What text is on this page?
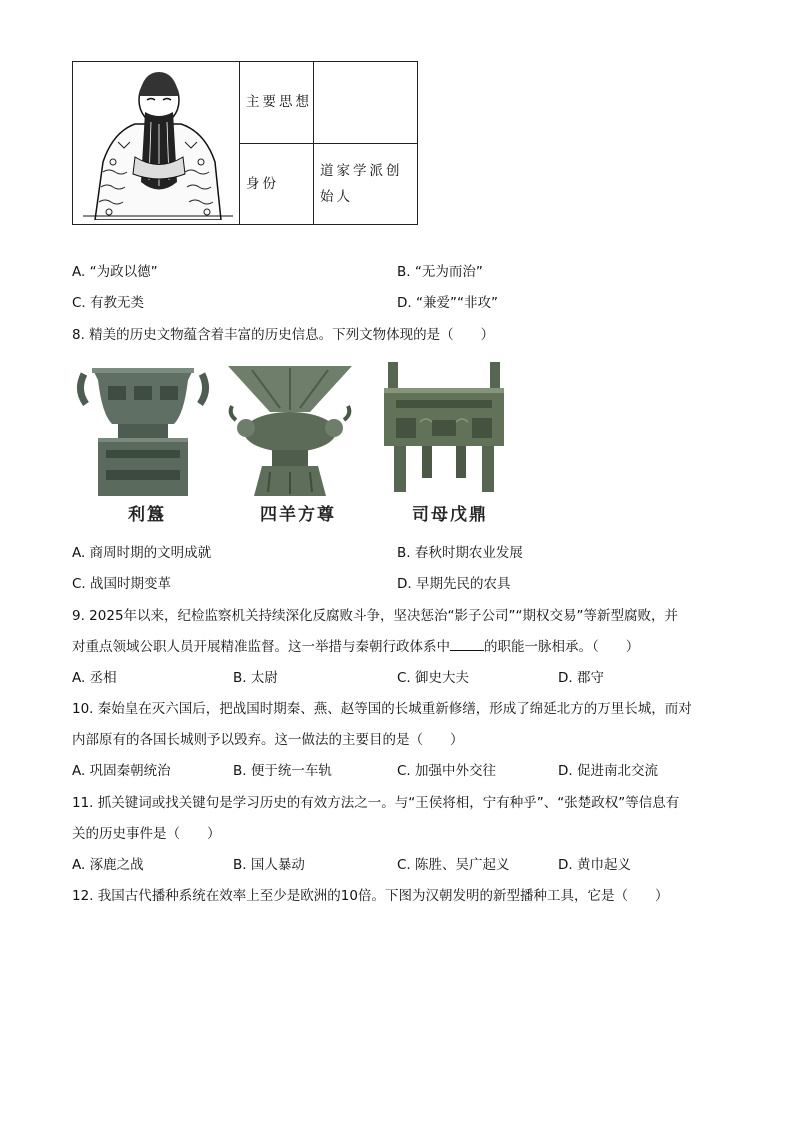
	主要思想	
	身份	道家学派创始人
A. “为政以德”	B. “无为而治”
C. 有教无类	D. “兼爱”“非攻”
8. 精美的历史文物蕴含着丰富的历史信息。下列文物体现的是（　　）
利簋	四羊方尊	司母戊鼎
A. 商周时期的文明成就	B. 春秋时期农业发展
C. 战国时期变革	D. 早期先民的农具
9. 2025年以来，纪检监察机关持续深化反腐败斗争，坚决惩治“影子公司”“期权交易”等新型腐败，并
对重点领域公职人员开展精准监督。这一举措与秦朝行政体系中	的职能一脉相承。（　　）
A. 丞相	B. 太尉	C. 御史大夫	D. 郡守
10. 秦始皇在灭六国后，把战国时期秦、燕、赵等国的长城重新修缮，形成了绵延北方的万里长城，而对
内部原有的各国长城则予以毁弃。这一做法的主要目的是（　　）
A. 巩固秦朝统治	B. 便于统一车轨	C. 加强中外交往	D. 促进南北交流
11. 抓关键词或找关键句是学习历史的有效方法之一。与“王侯将相，宁有种乎”、“张楚政权”等信息有
关的历史事件是（　　）
A. 涿鹿之战	B. 国人暴动	C. 陈胜、吴广起义	D. 黄巾起义
12. 我国古代播种系统在效率上至少是欧洲的10倍。下图为汉朝发明的新型播种工具，它是（　　）
